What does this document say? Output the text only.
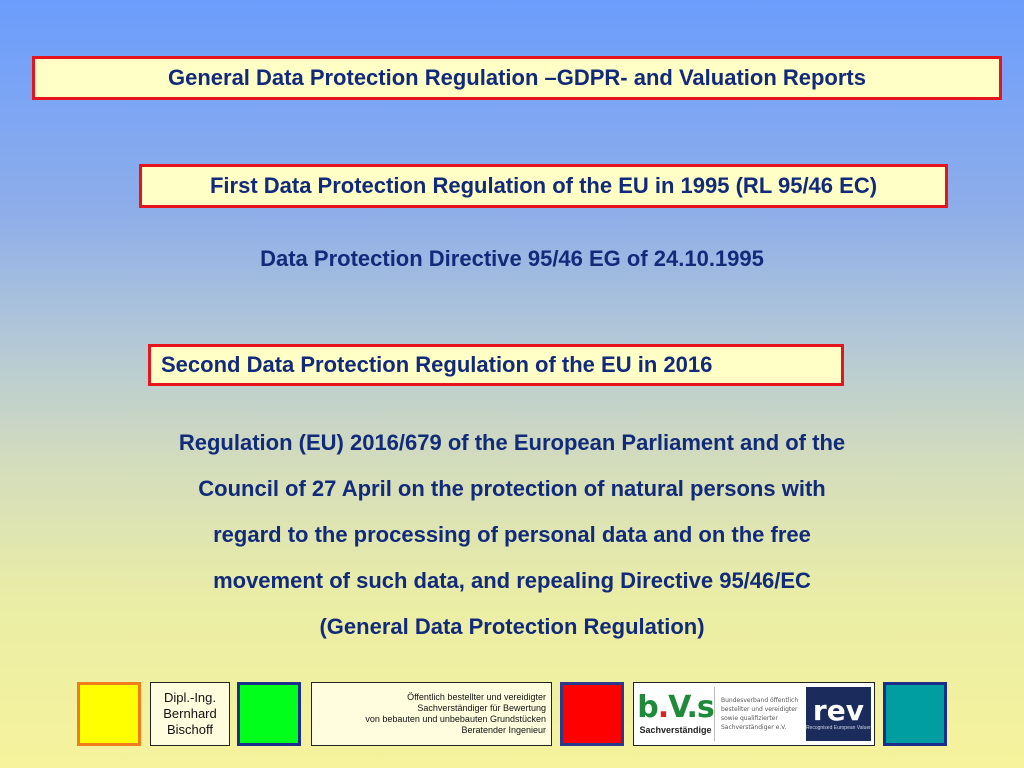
General Data Protection Regulation –GDPR- and Valuation Reports
First Data Protection Regulation of the EU in 1995 (RL 95/46 EC)
Data Protection Directive 95/46 EG of 24.10.1995
Second Data Protection Regulation of the EU in 2016
Regulation (EU) 2016/679 of the European Parliament and of the
Council of 27 April on the protection of natural persons with
regard to the processing of personal data and on the free
movement of such data, and repealing Directive 95/46/EC
(General Data Protection Regulation)
Dipl.-Ing.
Bernhard
Bischoff
Öffentlich bestellter und vereidigter
Sachverständiger für Bewertung
von bebauten und unbebauten Grundstücken
Beratender Ingenieur
b.V.s
Sachverständige
Bundesverband öffentlich
bestellter und vereidigter
sowie qualifizierter
Sachverständiger e.V.
rev
Recognised European Valuer
